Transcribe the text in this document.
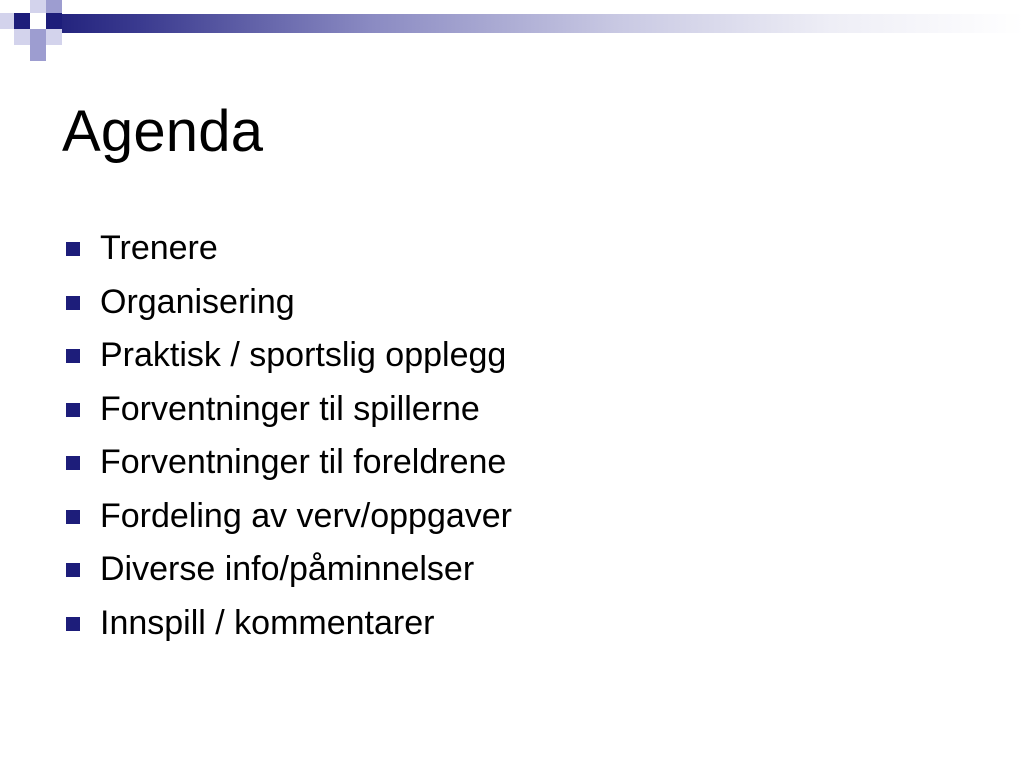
Agenda
Trenere
Organisering
Praktisk / sportslig opplegg
Forventninger til spillerne
Forventninger til foreldrene
Fordeling av verv/oppgaver
Diverse info/påminnelser
Innspill / kommentarer
